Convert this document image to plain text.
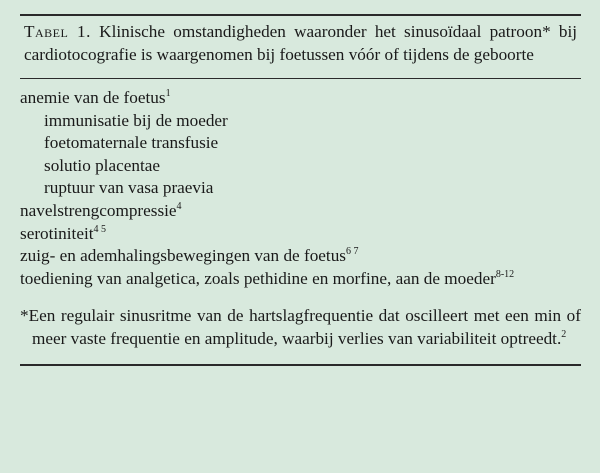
Tabel 1. Klinische omstandigheden waaronder het sinusoïdaal patroon* bij cardiotocografie is waargenomen bij foetussen vóór of tijdens de geboorte
anemie van de foetus$^1$
immunisatie bij de moeder
foetomaternale transfusie
solutio placentae
ruptuur van vasa praevia
navelstrengcompressie$^4$
serotiniteit$^{4 5}$
zuig- en ademhalingsbewegingen van de foetus$^{6 7}$
toediening van analgetica, zoals pethidine en morfine, aan de moeder$^{8-12}$
*Een regulair sinusritme van de hartslagfrequentie dat oscilleert met een min of meer vaste frequentie en amplitude, waarbij verlies van variabiliteit optreedt.$^2$
